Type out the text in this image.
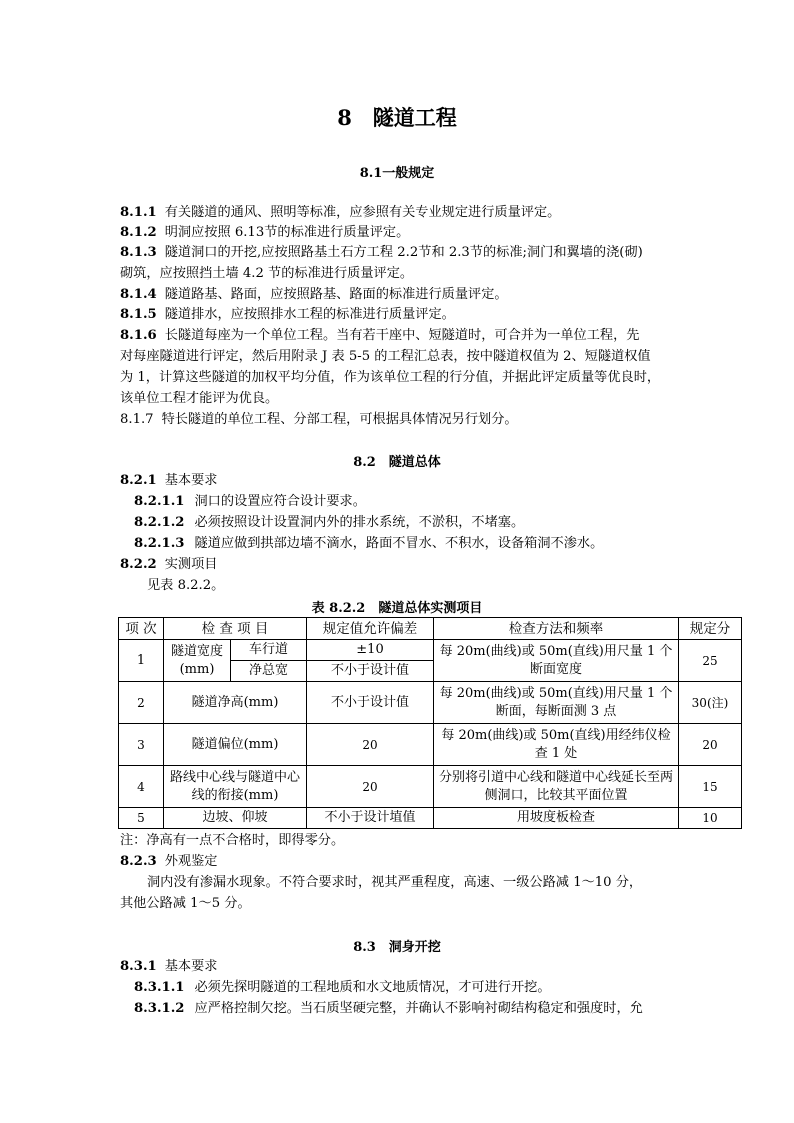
8　隧道工程
8.1一般规定
8.1.1 有关隧道的通风、照明等标准，应参照有关专业规定进行质量评定。
8.1.2 明洞应按照 6.13节的标准进行质量评定。
8.1.3 隧道洞口的开挖,应按照路基土石方工程 2.2节和 2.3节的标准;洞门和翼墙的浇(砌)
砌筑，应按照挡土墙 4.2 节的标准进行质量评定。
8.1.4 隧道路基、路面，应按照路基、路面的标准进行质量评定。
8.1.5 隧道排水，应按照排水工程的标准进行质量评定。
8.1.6 长隧道每座为一个单位工程。当有若干座中、短隧道时，可合并为一单位工程，先
对每座隧道进行评定，然后用附录 J 表 5-5 的工程汇总表，按中隧道权值为 2、短隧道权值
为 1，计算这些隧道的加权平均分值，作为该单位工程的行分值，并据此评定质量等优良时，
该单位工程才能评为优良。
8.1.7 特长隧道的单位工程、分部工程，可根据具体情况另行划分。
8.2　隧道总体
8.2.1 基本要求
8.2.1.1 洞口的设置应符合设计要求。
8.2.1.2 必须按照设计设置洞内外的排水系统，不淤积，不堵塞。
8.2.1.3 隧道应做到拱部边墙不滴水，路面不冒水、不积水，设备箱洞不渗水。
8.2.2 实测项目
见表 8.2.2。
表 8.2.2　隧道总体实测项目
项 次	检 查 项 目		规定值允许偏差	检查方法和频率	规定分
1	隧道宽度(mm)	车行道	±10	每 20m(曲线)或 50m(直线)用尺量 1 个断面宽度	25
		净总宽	不小于设计值		
2	隧道净高(mm)		不小于设计值	每 20m(曲线)或 50m(直线)用尺量 1 个断面，每断面测 3 点	30(注)
3	隧道偏位(mm)		20	每 20m(曲线)或 50m(直线)用经纬仪检查 1 处	20
4	路线中心线与隧道中心线的衔接(mm)		20	分别将引道中心线和隧道中心线延长至两侧洞口，比较其平面位置	15
5	边坡、仰坡		不小于设计埴值	用坡度板检查	10
注：净高有一点不合格时，即得零分。
8.2.3 外观鉴定
洞内没有渗漏水现象。不符合要求时，视其严重程度，高速、一级公路减 1～10 分，
其他公路减 1～5 分。
8.3　洞身开挖
8.3.1 基本要求
8.3.1.1 必须先探明隧道的工程地质和水文地质情况，才可进行开挖。
8.3.1.2 应严格控制欠挖。当石质坚硬完整，并确认不影响衬砌结构稳定和强度时，允
